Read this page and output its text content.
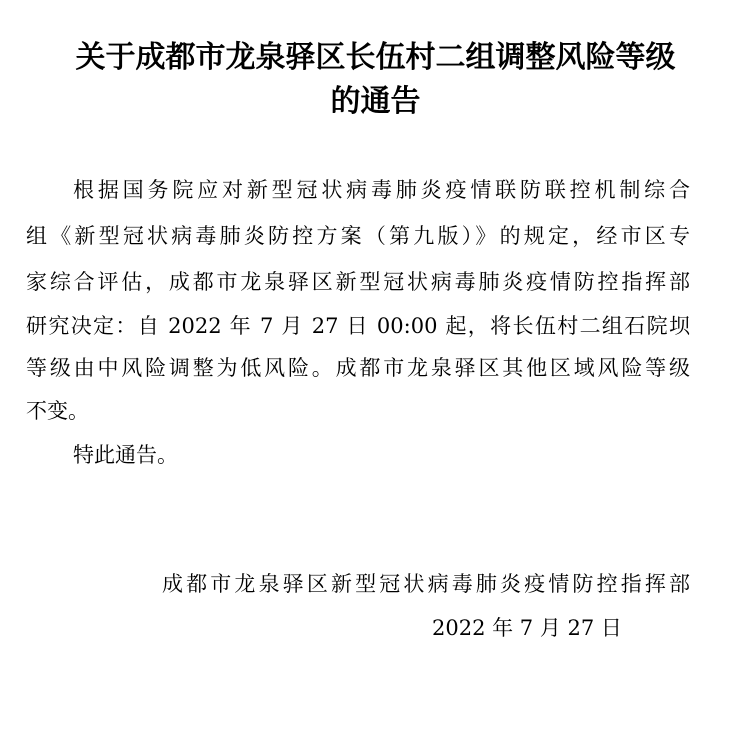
关于成都市龙泉驿区长伍村二组调整风险等级
的通告
根据国务院应对新型冠状病毒肺炎疫情联防联控机制综合
组《新型冠状病毒肺炎防控方案（第九版）》的规定，经市区专
家综合评估，成都市龙泉驿区新型冠状病毒肺炎疫情防控指挥部
研究决定：自 2022 年 7 月 27 日 00:00 起，将长伍村二组石院坝
等级由中风险调整为低风险。成都市龙泉驿区其他区域风险等级
不变。
特此通告。
成都市龙泉驿区新型冠状病毒肺炎疫情防控指挥部
2022 年 7 月 27 日
